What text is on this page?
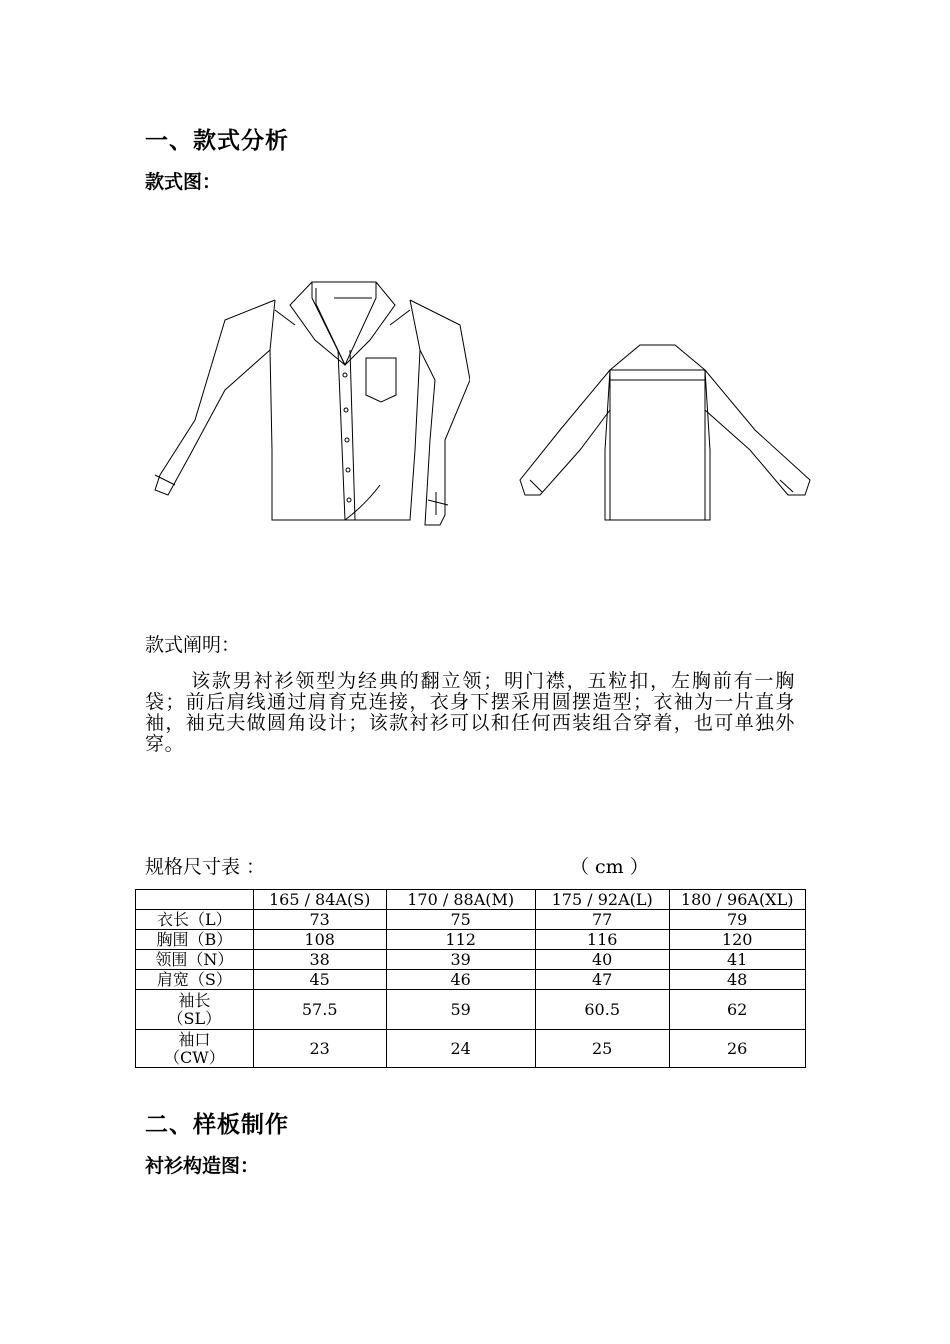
一、款式分析
款式图：
款式阐明：
该款男衬衫领型为经典的翻立领；明门襟，五粒扣，左胸前有一胸袋；前后肩线通过肩育克连接，衣身下摆采用圆摆造型；衣袖为一片直身袖，袖克夫做圆角设计；该款衬衫可以和任何西装组合穿着，也可单独外穿。
规格尺寸表 ：	（ cm ）
	165 / 84A(S)	170 / 88A(M)	175 / 92A(L)	180 / 96A(XL)
衣长（L）	73	75	77	79
胸围（B）	108	112	116	120
领围（N）	38	39	40	41
肩宽（S）	45	46	47	48
袖长（SL）	57.5	59	60.5	62
袖口（CW）	23	24	25	26
二、样板制作
衬衫构造图：
